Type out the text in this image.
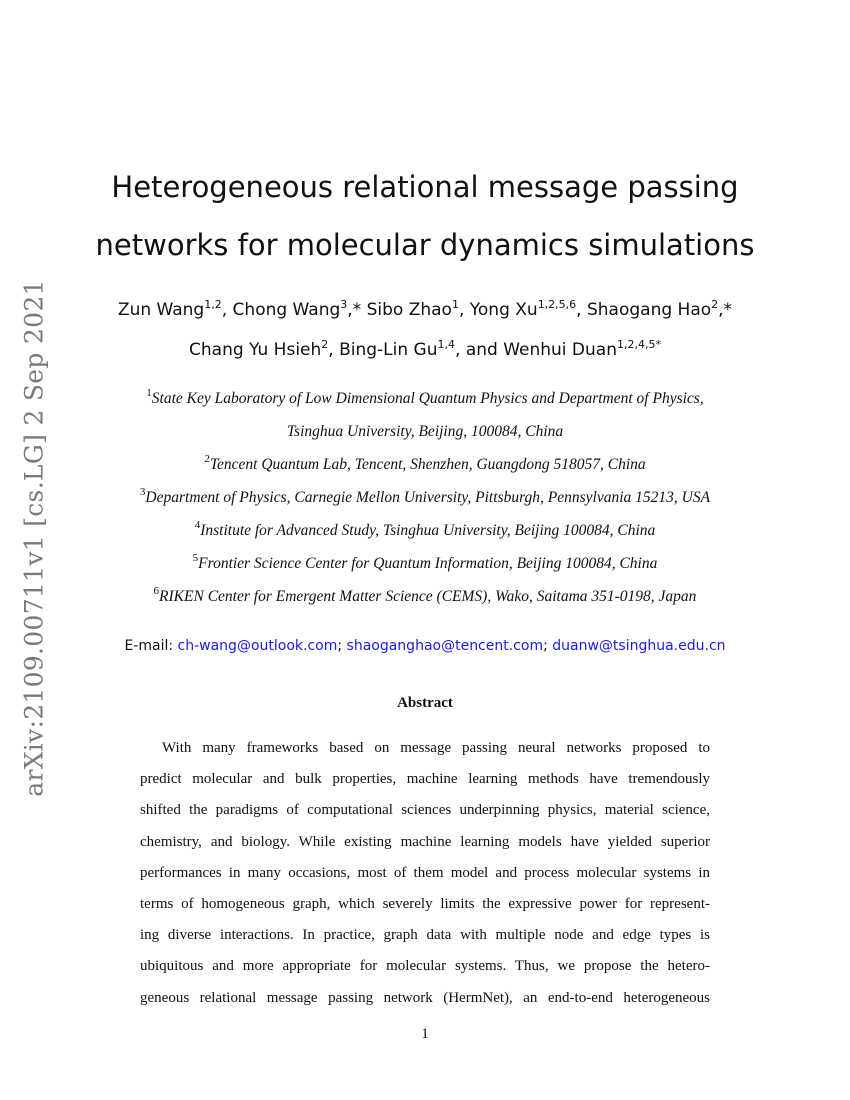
arXiv:2109.00711v1 [cs.LG] 2 Sep 2021
Heterogeneous relational message passing
networks for molecular dynamics simulations
Zun Wang$^{1,2}$, Chong Wang$^3$,* Sibo Zhao$^1$, Yong Xu$^{1,2,5,6}$, Shaogang Hao$^2$,*
Chang Yu Hsieh$^2$, Bing-Lin Gu$^{1,4}$, and Wenhui Duan$^{1,2,4,5*}$
$^1$State Key Laboratory of Low Dimensional Quantum Physics and Department of Physics,
Tsinghua University, Beijing, 100084, China
$^2$Tencent Quantum Lab, Tencent, Shenzhen, Guangdong 518057, China
$^3$Department of Physics, Carnegie Mellon University, Pittsburgh, Pennsylvania 15213, USA
$^4$Institute for Advanced Study, Tsinghua University, Beijing 100084, China
$^5$Frontier Science Center for Quantum Information, Beijing 100084, China
$^6$RIKEN Center for Emergent Matter Science (CEMS), Wako, Saitama 351-0198, Japan
E-mail: ch-wang@outlook.com; shaoganghao@tencent.com; duanw@tsinghua.edu.cn
Abstract
With many frameworks based on message passing neural networks proposed to
predict molecular and bulk properties, machine learning methods have tremendously
shifted the paradigms of computational sciences underpinning physics, material science,
chemistry, and biology. While existing machine learning models have yielded superior
performances in many occasions, most of them model and process molecular systems in
terms of homogeneous graph, which severely limits the expressive power for represent-
ing diverse interactions. In practice, graph data with multiple node and edge types is
ubiquitous and more appropriate for molecular systems. Thus, we propose the hetero-
geneous relational message passing network (HermNet), an end-to-end heterogeneous
1
